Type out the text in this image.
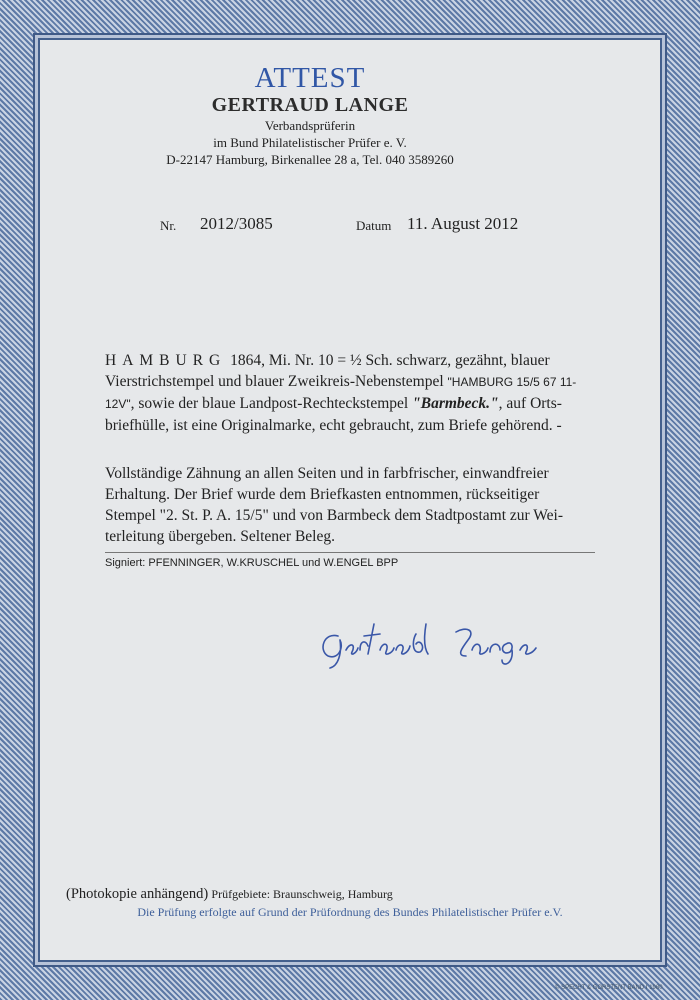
ATTEST
GERTRAUD LANGE
Verbandsprüferin
im Bund Philatelistischer Prüfer e. V.
D-22147 Hamburg, Birkenallee 28 a, Tel. 040 3589260
Nr. 2012/3085	Datum 11. August 2012
HAMBURG 1864, Mi. Nr. 10 = ½ Sch. schwarz, gezähnt, blauer
Vierstrichstempel und blauer Zweikreis-Nebenstempel "HAMBURG 15/5 67 11-
12V", sowie der blaue Landpost-Rechteckstempel "Barmbeck.", auf Orts-
briefhülle, ist eine Originalmarke, echt gebraucht, zum Briefe gehörend. -
Vollständige Zähnung an allen Seiten und in farbfrischer, einwandfreier
Erhaltung. Der Brief wurde dem Briefkasten entnommen, rückseitiger
Stempel "2. St. P. A. 15/5" und von Barmbeck dem Stadtpostamt zur Wei-
terleitung übergeben. Seltener Beleg.
Signiert: PFENNINGER, W.KRUSCHEL und W.ENGEL BPP
(Photokopie anhängend) Prüfgebiete: Braunschweig, Hamburg
Die Prüfung erfolgte auf Grund der Prüfordnung des Bundes Philatelistischer Prüfer e.V.
© SPECHT & GORSTENT BAND I 1980
